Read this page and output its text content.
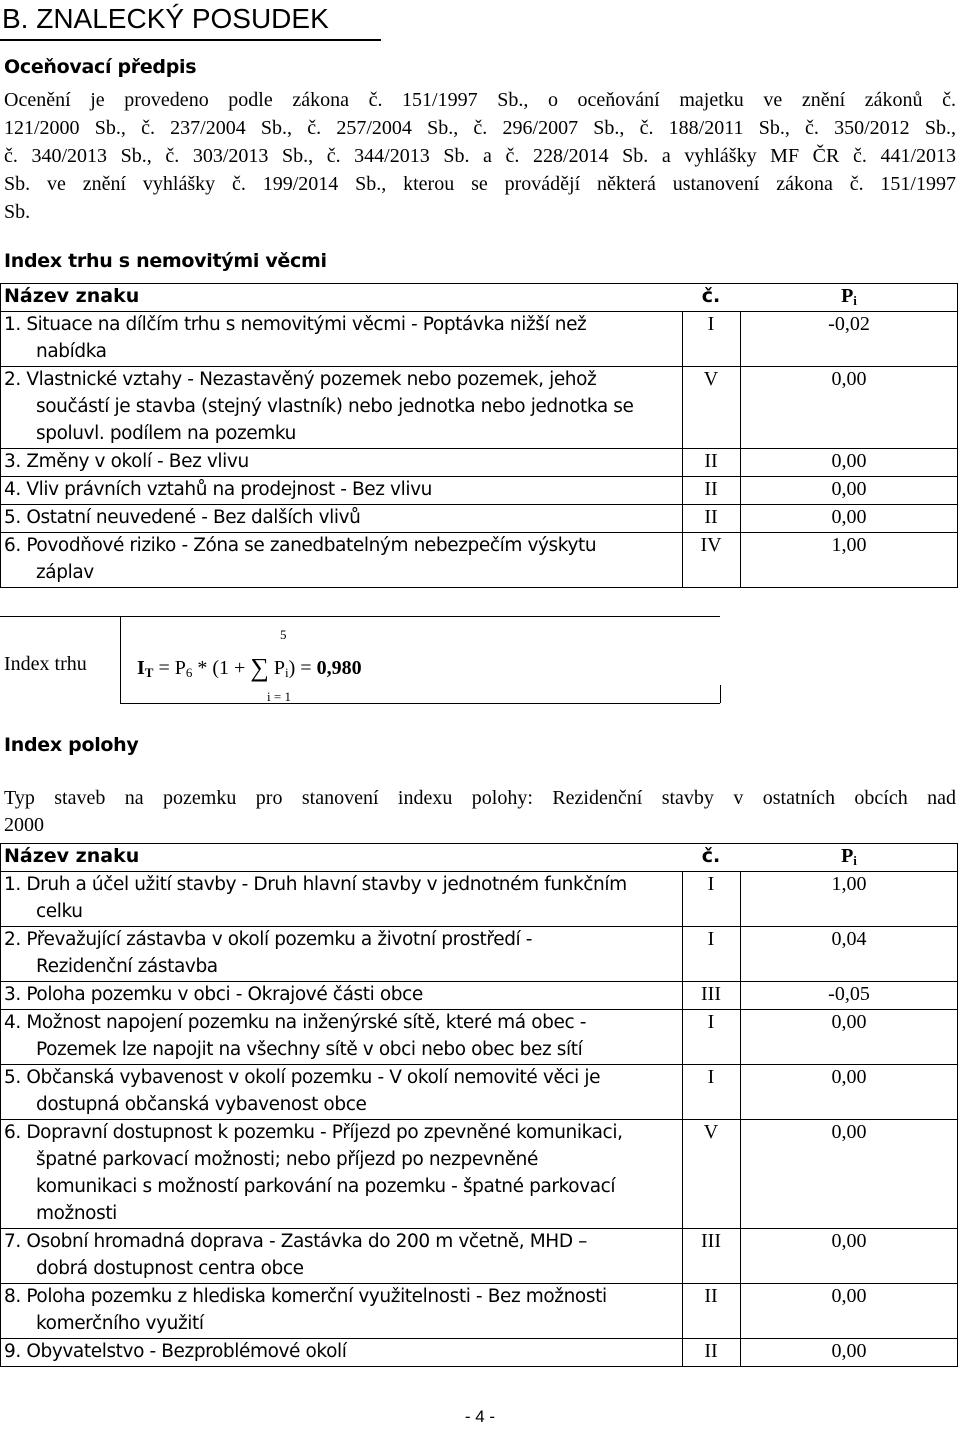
B. ZNALECKÝ POSUDEK
Oceňovací předpis
Ocenění je provedeno podle zákona č. 151/1997 Sb., o oceňování majetku ve znění zákonů č.
121/2000 Sb., č. 237/2004 Sb., č. 257/2004 Sb., č. 296/2007 Sb., č. 188/2011 Sb., č. 350/2012 Sb.,
č. 340/2013 Sb., č. 303/2013 Sb., č. 344/2013 Sb. a č. 228/2014 Sb. a vyhlášky MF ČR č. 441/2013
Sb. ve znění vyhlášky č. 199/2014 Sb., kterou se provádějí některá ustanovení zákona č. 151/1997
Sb.
Index trhu s nemovitými věcmi
Název znaku	č.	$P_i$
1. Situace na dílčím trhu s nemovitými věcmi - Poptávka nižší než
nabídka
I	-0,02
2. Vlastnické vztahy - Nezastavěný pozemek nebo pozemek, jehož
součástí je stavba (stejný vlastník) nebo jednotka nebo jednotka se
spoluvl. podílem na pozemku
V	0,00
3. Změny v okolí - Bez vlivu	II	0,00
4. Vliv právních vztahů na prodejnost - Bez vlivu	II	0,00
5. Ostatní neuvedené - Bez dalších vlivů	II	0,00
6. Povodňové riziko - Zóna se zanedbatelným nebezpečím výskytu
záplav
IV	1,00
Index trhu
5
i = 1
$I_T = P_6 * (1$ + ∑ $P_i) = 0,980$
Index polohy
Typ staveb na pozemku pro stanovení indexu polohy: Rezidenční stavby v ostatních obcích nad
2000
Název znaku	č.	$P_i$
1. Druh a účel užití stavby - Druh hlavní stavby v jednotném funkčním
celku
I	1,00
2. Převažující zástavba v okolí pozemku a životní prostředí -
Rezidenční zástavba
I	0,04
3. Poloha pozemku v obci - Okrajové části obce	III	-0,05
4. Možnost napojení pozemku na inženýrské sítě, které má obec -
Pozemek lze napojit na všechny sítě v obci nebo obec bez sítí
I	0,00
5. Občanská vybavenost v okolí pozemku - V okolí nemovité věci je
dostupná občanská vybavenost obce
I	0,00
6. Dopravní dostupnost k pozemku - Příjezd po zpevněné komunikaci,
špatné parkovací možnosti; nebo příjezd po nezpevněné
komunikaci s možností parkování na pozemku - špatné parkovací
možnosti
V	0,00
7. Osobní hromadná doprava - Zastávka do 200 m včetně, MHD –
dobrá dostupnost centra obce
III	0,00
8. Poloha pozemku z hlediska komerční využitelnosti - Bez možnosti
komerčního využití
II	0,00
9. Obyvatelstvo - Bezproblémové okolí	II	0,00
- 4 -
